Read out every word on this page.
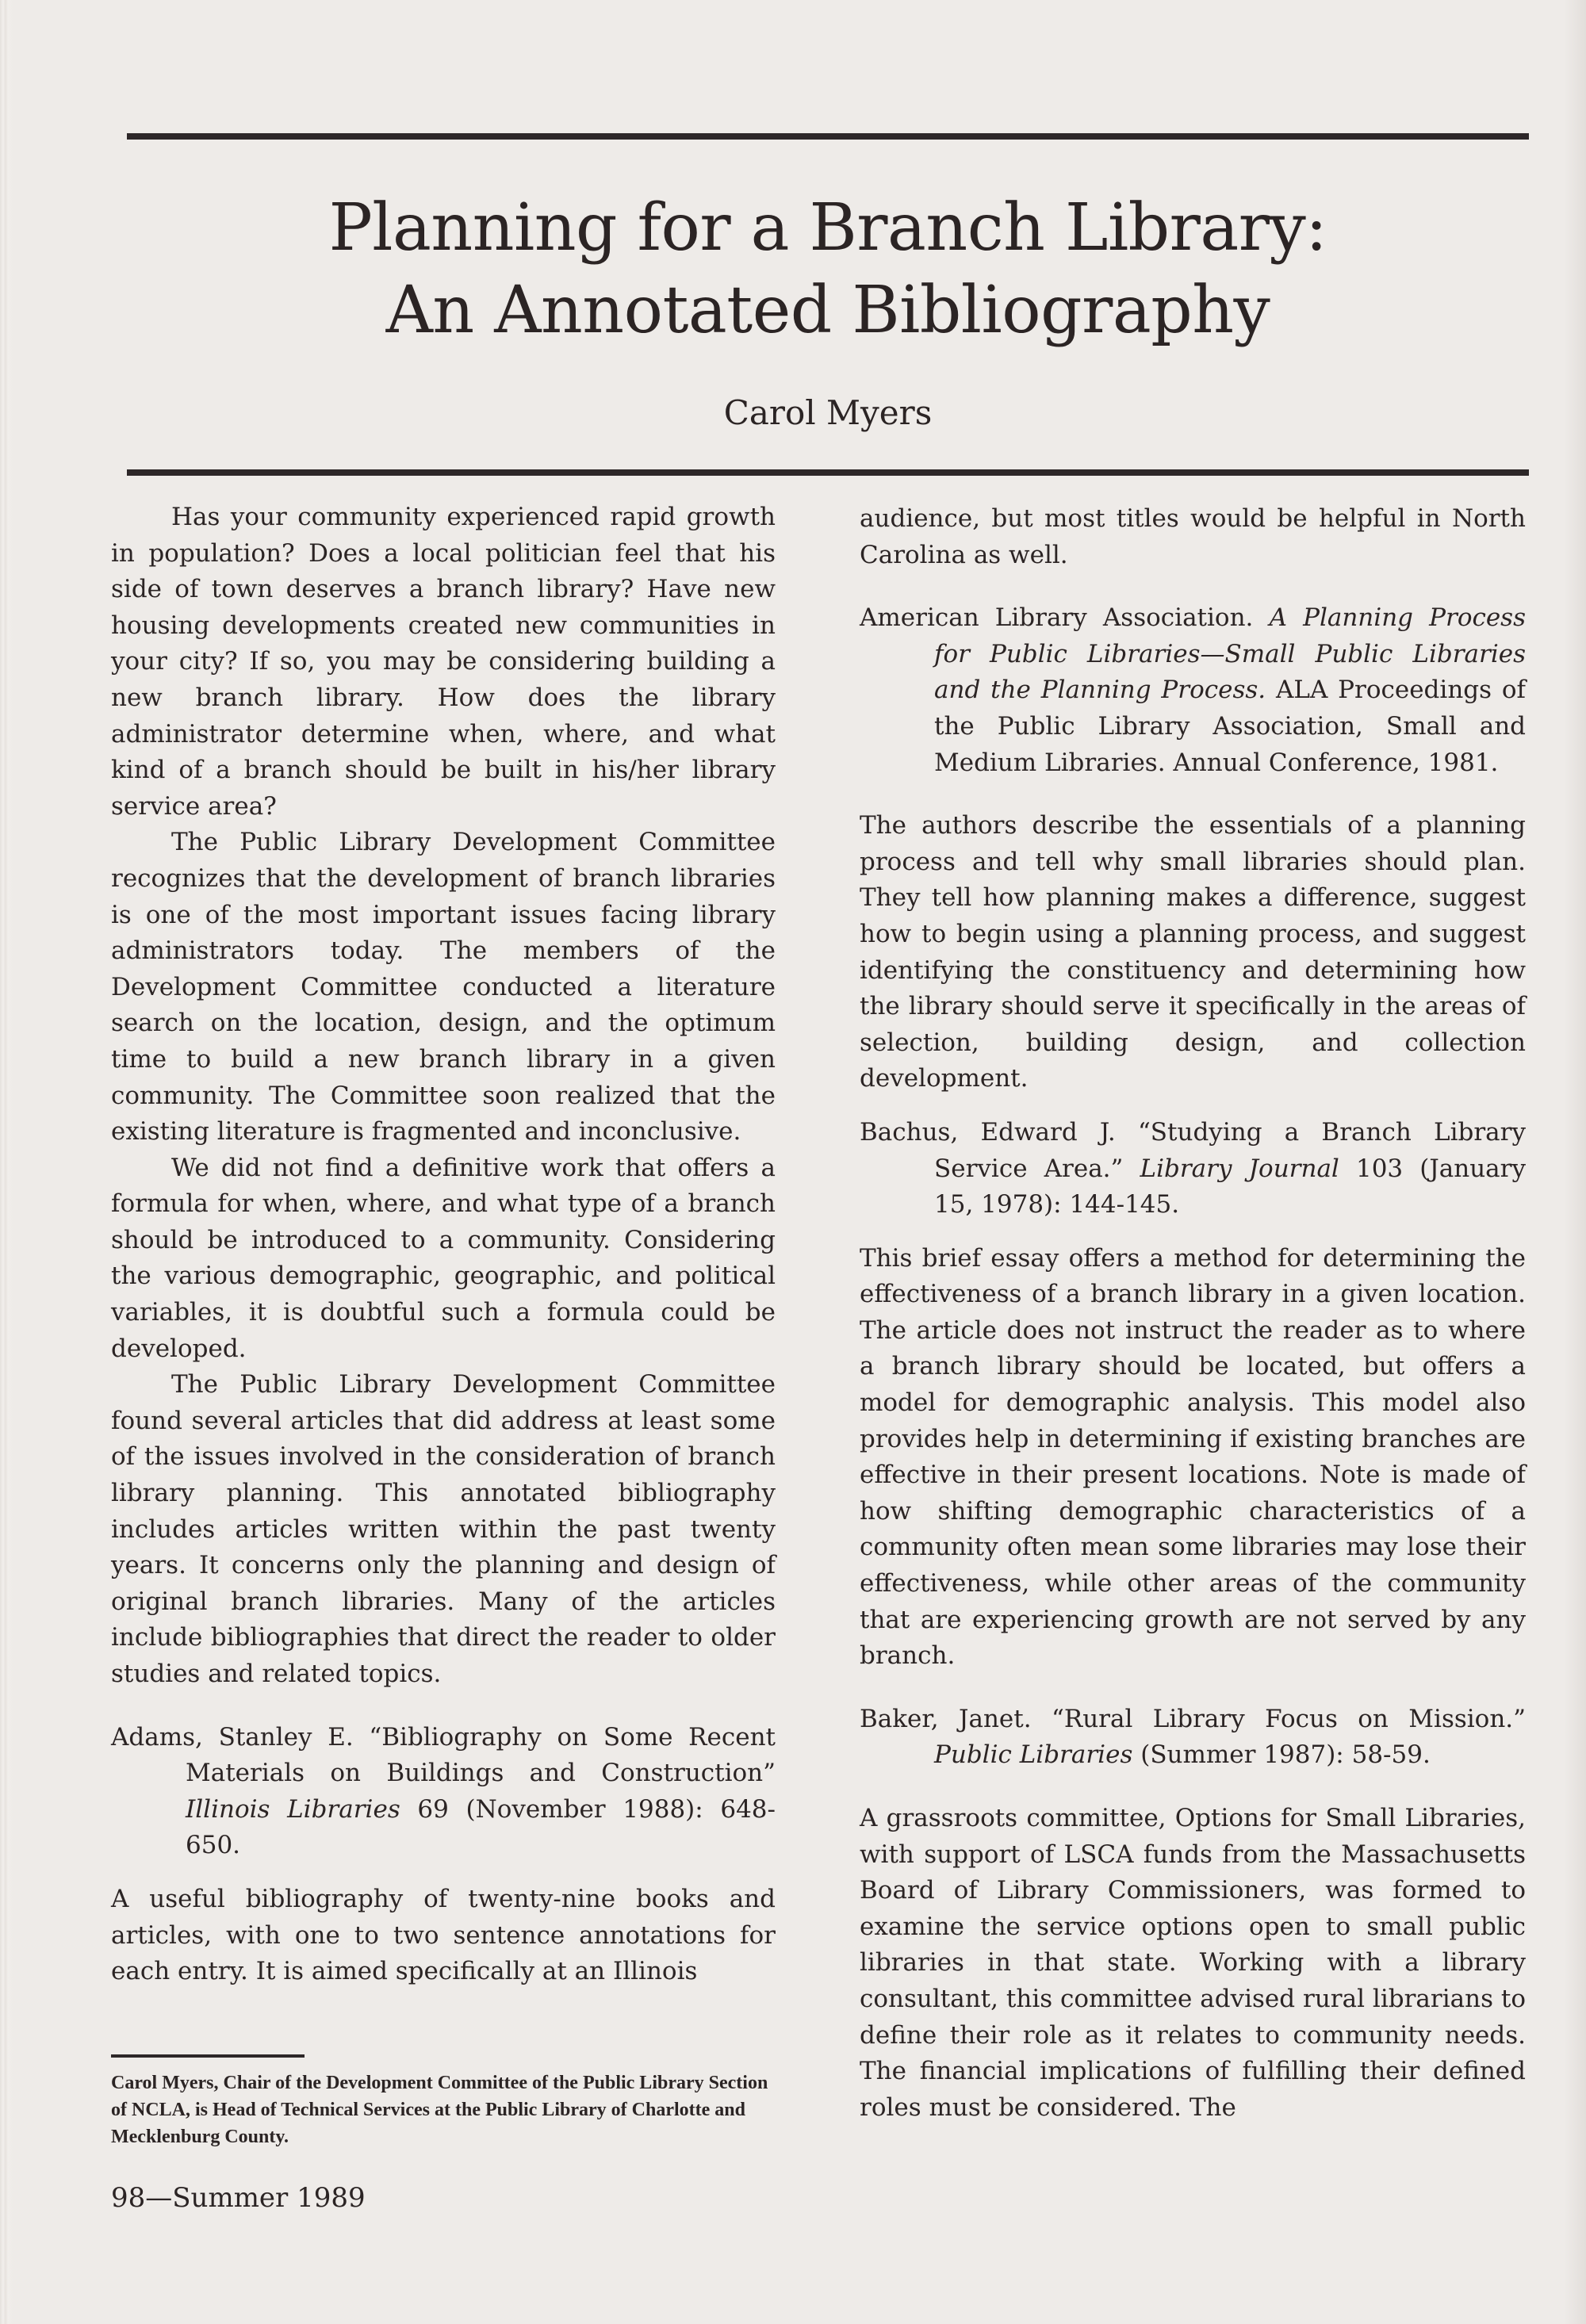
Planning for a Branch Library:
An Annotated Bibliography
Carol Myers

Has your community experienced rapid growth in population? Does a local politician feel that his side of town deserves a branch library? Have new housing developments created new communities in your city? If so, you may be considering building a new branch library. How does the library administrator determine when, where, and what kind of a branch should be built in his/her library service area?

The Public Library Development Committee recognizes that the development of branch libraries is one of the most important issues facing library administrators today. The members of the Development Committee conducted a literature search on the location, design, and the optimum time to build a new branch library in a given community. The Committee soon realized that the existing literature is fragmented and inconclusive.

We did not find a definitive work that offers a formula for when, where, and what type of a branch should be introduced to a community. Considering the various demographic, geographic, and political variables, it is doubtful such a formula could be developed.

The Public Library Development Committee found several articles that did address at least some of the issues involved in the consideration of branch library planning. This annotated bibliography includes articles written within the past twenty years. It concerns only the planning and design of original branch libraries. Many of the articles include bibliographies that direct the reader to older studies and related topics.

Adams, Stanley E. “Bibliography on Some Recent Materials on Buildings and Construction” Illinois Libraries 69 (November 1988): 648-650.

A useful bibliography of twenty-nine books and articles, with one to two sentence annotations for each entry. It is aimed specifically at an Illinois

audience, but most titles would be helpful in North Carolina as well.

American Library Association. A Planning Process for Public Libraries—Small Public Libraries and the Planning Process. ALA Proceedings of the Public Library Association, Small and Medium Libraries. Annual Conference, 1981.

The authors describe the essentials of a planning process and tell why small libraries should plan. They tell how planning makes a difference, suggest how to begin using a planning process, and suggest identifying the constituency and determining how the library should serve it specifically in the areas of selection, building design, and collection development.

Bachus, Edward J. “Studying a Branch Library Service Area.” Library Journal 103 (January 15, 1978): 144-145.

This brief essay offers a method for determining the effectiveness of a branch library in a given location. The article does not instruct the reader as to where a branch library should be located, but offers a model for demographic analysis. This model also provides help in determining if existing branches are effective in their present locations. Note is made of how shifting demographic characteristics of a community often mean some libraries may lose their effectiveness, while other areas of the community that are experiencing growth are not served by any branch.

Baker, Janet. “Rural Library Focus on Mission.” Public Libraries (Summer 1987): 58-59.

A grassroots committee, Options for Small Libraries, with support of LSCA funds from the Massachusetts Board of Library Commissioners, was formed to examine the service options open to small public libraries in that state. Working with a library consultant, this committee advised rural librarians to define their role as it relates to community needs. The financial implications of fulfilling their defined roles must be considered. The

Carol Myers, Chair of the Development Committee of the Public Library Section of NCLA, is Head of Technical Services at the Public Library of Charlotte and Mecklenburg County.
98—Summer 1989
